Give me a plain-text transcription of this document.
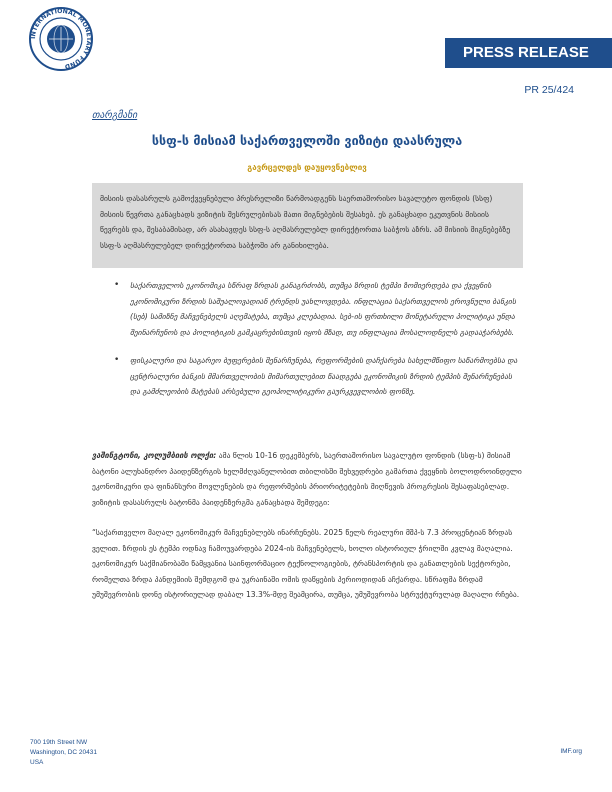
INTERNATIONAL MONETARY FUND
PRESS RELEASE
PR 25/424
თარგმანი
სსფ-ს მისიამ საქართველოში ვიზიტი დაასრულა
გავრცელდეს დაუყოვნებლივ
მისიის დასასრულს გამოქვეყნებული პრესრელიზი წარმოადგენს საერთაშორისო სავალუტო ფონდის (სსფ) მისიის წევრთა განაცხადს ვიზიტის შესრულებისას მათი მიგნებების შესახებ. ეს განაცხადი ეკუთვნის მისიის წევრებს და, შესაბამისად, არ ასახავდეს სსფ-ს აღმასრულებლ დირექტორთა საბჭოს აზრს. ამ მისიის მიგნებებზე სსფ-ს აღმასრულებელ დირექტორთა საბჭოში არ განიხილება.
• საქართველოს ეკონომიკა სწრაფ ზრდას განაგრძობს, თუმცა ზრდის ტემპი ზომიერდება და ქვეყნის ეკონომიკური ზრდის საშუალოვადიან ტრენდს უახლოვდება. ინფლაცია საქართველოს ეროვნული ბანკის (სებ) სამიზნე მაჩვენებელს აღემატება, თუმცა კლებადია. სებ-ის ფრთხილი მონეტარული პოლიტიკა უნდა შეინარჩუნოს და პოლიტიკის გამკაცრებისთვის იყოს მზად, თუ ინფლაცია მოსალოდნელს გადააჭარბებს.
• ფისკალური და საგარეო ბუფერების შენარჩუნება, რეფორმების დაჩქარება სახელმწიფო საწარმოებსა და ცენტრალური ბანკის მმართველობის მიმართულებით წაადგება ეკონომიკის ზრდის ტემპის შენარჩუნებას და გამძლეობის მატებას არსებული გეოპოლიტიკური გაურკვევლობის ფონზე.

ვაშინგტონი, კოლუმბიის ოლქი: ამა წლის 10-16 დეკემბერს, საერთაშორისო სავალუტო ფონდის (სსფ-ს) მისიამ ბატონი ალუხანდრო პაიდენზერგის ხელმძღვანელობით თბილისში შეხვედრები გამართა ქვეყნის ბოლოდროინდელი ეკონომიკური და ფინანსური მოვლენების და რეფორმების პრიორიტეტების მიღწევის პროგრესის შესაფასებლად. ვიზიტის დასასრულს ბატონმა პაიდენზერგმა განაცხადა შემდეგი:

“საქართველო მაღალ ეკონომიკურ მაჩვენებლებს ინარჩუნებს. 2025 წელს რეალური მშპ-ს 7.3 პროცენტიან ზრდას ველით. ზრდის ეს ტემპი ოდნავ ჩამოუვარდება 2024-ის მაჩვენებელს, ხოლო ისტორიულ ჭრილში კვლავ მაღალია. ეკონომიკურ საქმიანობაში წამყვანია საინფორმაციო ტექნოლოგიების, ტრანსპორტის და განათლების სექტორები, რომელთა ზრდა პანდემიის შემდგომ და უკრაინაში ომის დაწყების პერიოდიდან აჩქარდა. სწრაფმა ზრდამ უმუშევრობის დონე ისტორიულად დაბალ 13.3%-მდე შეამცირა, თუმცა, უმუშევრობა სტრუქტურულად მაღალი რჩება.

700 19th Street NW
Washington, DC 20431
USA
IMF.org
